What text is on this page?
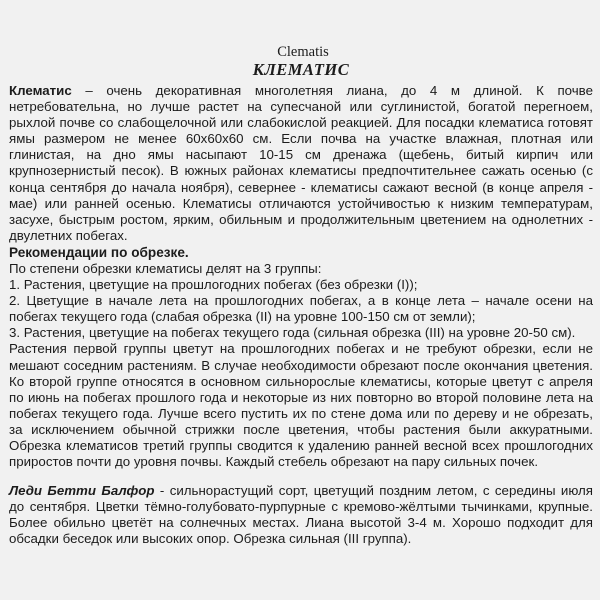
Clematis

КЛЕМАТИС

Клематис – очень декоративная многолетняя лиана, до 4 м длиной. К почве нетребовательна, но лучше растет на супесчаной или суглинистой, богатой перегноем, рыхлой почве со слабощелочной или слабокислой реакцией. Для посадки клематиса готовят ямы размером не менее 60х60х60 см. Если почва на участке влажная, плотная или глинистая, на дно ямы насыпают 10-15 см дренажа (щебень, битый кирпич или крупнозернистый песок). В южных районах клематисы предпочтительнее сажать осенью (с конца сентября до начала ноября), севернее - клематисы сажают весной (в конце апреля - мае) или ранней осенью. Клематисы отличаются устойчивостью к низким температурам, засухе, быстрым ростом, ярким, обильным и продолжительным цветением на однолетних - двулетних побегах.

Рекомендации по обрезке.

По степени обрезки клематисы делят на 3 группы:

1. Растения, цветущие на прошлогодних побегах (без обрезки (I));
2. Цветущие в начале лета на прошлогодних побегах, а в конце лета – начале осени на побегах текущего года (слабая обрезка (II) на уровне 100-150 см от земли);
3. Растения, цветущие на побегах текущего года (сильная обрезка (III) на уровне 20-50 см).

Растения первой группы цветут на прошлогодних побегах и не требуют обрезки, если не мешают соседним растениям. В случае необходимости обрезают после окончания цветения. Ко второй группе относятся в основном сильнорослые клематисы, которые цветут с апреля по июнь на побегах прошлого года и некоторые из них повторно во второй половине лета на побегах текущего года. Лучше всего пустить их по стене дома или по дереву и не обрезать, за исключением обычной стрижки после цветения, чтобы растения были аккуратными. Обрезка клематисов третий группы сводится к удалению ранней весной всех прошлогодних приростов почти до уровня почвы. Каждый стебель обрезают на пару сильных почек.

Леди Бетти Балфор - сильнорастущий сорт, цветущий поздним летом, с середины июля до сентября. Цветки тёмно-голубовато-пурпурные с кремово-жёлтыми тычинками, крупные. Более обильно цветёт на солнечных местах. Лиана высотой 3-4 м. Хорошо подходит для обсадки беседок или высоких опор. Обрезка сильная (III группа).
